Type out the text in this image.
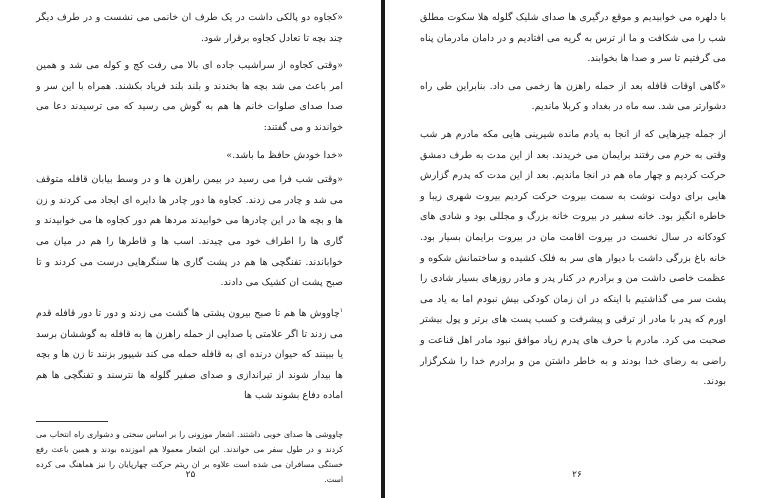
«کجاوه دو پالکی داشت در یک طرف ان خانمی می نشست و در طرف دیگر چند بچه تا تعادل کجاوه برقرار شود.

«وقتی کجاوه از سراشیب جاده ای بالا می رفت کج و کوله می شد و همین امر باعث می شد بچه ها بخندند و بلند بلند فریاد بکشند. همراه با این سر و صدا صدای صلوات خانم ها هم به گوش می رسید که می ترسیدند دعا می خواندند و می گفتند:

«خدا خودش حافظ ما باشد.»

«وقتی شب فرا می رسید در بیمن راهزن ها و در وسط بیابان قافله متوقف می شد و چادر می زدند. کجاوه ها دور چادر ها دایره ای ایجاد می کردند و زن ها و بچه ها در این چادرها می خوابیدند مردها هم دور کجاوه ها می خوابیدند و گاری ها را اطراف خود می چیدند. اسب ها و قاطرها را هم در میان می خواباندند. تفنگچی ها هم در پشت گاری ها سنگرهایی درست می کردند و تا صبح پشت ان کشیک می دادند.

$^۱$چاووش ها هم تا صبح بیرون پشتی ها گشت می زدند و دور تا دور قافله قدم می زدند تا اگر علامتی یا صدایی از حمله راهزن ها به قافله به گوششان برسد یا ببینند که حیوان درنده ای به قافله حمله می کند شیپور بزنند تا زن ها و بچه ها بیدار شوند از تیراندازی و صدای صفیر گلوله ها نترسند و تفنگچی ها هم اماده دفاع بشوند شب ها

چاووشی ها صدای خوبی داشتند. اشعار موزونی را بر اساس سختی و دشواری راه انتخاب می کردند و در طول سفر می خواندند. این اشعار معمولا هم اموزنده بودند و همین باعث رفع خستگی مسافران می شده است علاوه بر ان ریتم حرکت چهارپایان را نیز هماهنگ می کرده است.

۲۵

با دلهره می خوابیدیم و موقع درگیری ها صدای شلیک گلوله هلا سکوت مطلق شب را می شکافت و ما از ترس به گریه می افتادیم و در دامان مادرمان پناه می گرفتیم تا سر و صدا ها بخوابند.

«گاهی اوقات قافله بعد از حمله راهزن ها زخمی می داد. بنابراین طی راه دشوارتر می شد. سه ماه در بغداد و کربلا ماندیم.

از جمله چیزهایی که از انجا به یادم مانده شیرینی هایی مکه مادرم هر شب وقتی به حرم می رفتند برایمان می خریدند. بعد از این مدت به طرف دمشق حرکت کردیم و چهار ماه هم در انجا ماندیم. بعد از این مدت که پدرم گزارش هایی برای دولت نوشت به سمت بیروت حرکت کردیم بیروت شهری زیبا و خاطره انگیز بود. خانه سفیر در بیروت خانه بزرگ و مجللی بود و شادی های کودکانه در سال نخست در بیروت اقامت مان در بیروت برایمان بسیار بود. خانه باغ بزرگی داشت با دیوار های سر به فلک کشیده و ساختمانش شکوه و عظمت خاصی داشت من و برادرم در کنار پدر و مادر روزهای بسیار شادی را پشت سر می گذاشتیم با اینکه در ان زمان کودکی بیش نبودم اما به یاد می اورم که پدر با مادر از ترقی و پیشرفت و کسب پست های برتر و پول بیشتر صحبت می کرد. مادرم با حرف های پدرم زیاد موافق نبود مادر اهل قناعت و راضی به رضای خدا بودند و به خاطر داشتن من و برادرم خدا را شکرگزار بودند.

۲۶
